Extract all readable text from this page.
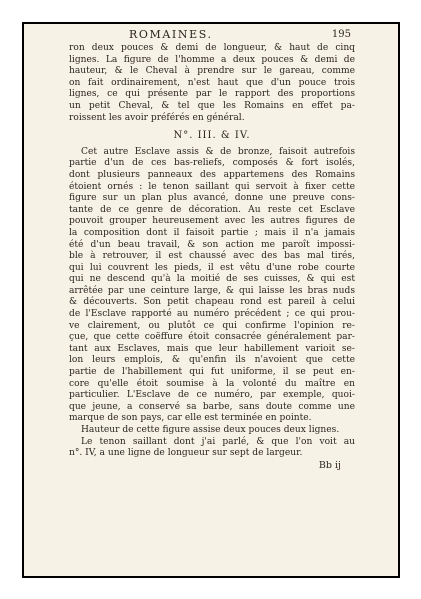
ROMAINES.	195
ron deux pouces & demi de longueur, & haut de cinq
lignes. La figure de l'homme a deux pouces & demi de
hauteur, & le Cheval à prendre sur le gareau, comme
on fait ordinairement, n'est haut que d'un pouce trois
lignes, ce qui présente par le rapport des proportions
un petit Cheval, & tel que les Romains en effet pa-
roissent les avoir préférés en général.
N°. III. & IV.
Cet autre Esclave assis & de bronze, faisoit autrefois
partie d'un de ces bas-reliefs, composés & fort isolés,
dont plusieurs panneaux des appartemens des Romains
étoient ornés : le tenon saillant qui servoit à fixer cette
figure sur un plan plus avancé, donne une preuve cons-
tante de ce genre de décoration. Au reste cet Esclave
pouvoit grouper heureusement avec les autres figures de
la composition dont il faisoit partie ; mais il n'a jamais
été d'un beau travail, & son action me paroît impossi-
ble à retrouver, il est chaussé avec des bas mal tirés,
qui lui couvrent les pieds, il est vêtu d'une robe courte
qui ne descend qu'à la moitié de ses cuisses, & qui est
arrêtée par une ceinture large, & qui laisse les bras nuds
& découverts. Son petit chapeau rond est pareil à celui
de l'Esclave rapporté au numéro précédent ; ce qui prou-
ve clairement, ou plutôt ce qui confirme l'opinion re-
çue, que cette coëffure étoit consacrée généralement par-
tant aux Esclaves, mais que leur habillement varioit se-
lon leurs emplois, & qu'enfin ils n'avoient que cette
partie de l'habillement qui fut uniforme, il se peut en-
core qu'elle étoit soumise à la volonté du maître en
particulier. L'Esclave de ce numéro, par exemple, quoi-
que jeune, a conservé sa barbe, sans doute comme une
marque de son pays, car elle est terminée en pointe.
Hauteur de cette figure assise deux pouces deux lignes.
Le tenon saillant dont j'ai parlé, & que l'on voit au
n°. IV, a une ligne de longueur sur sept de largeur.
Bb ij
